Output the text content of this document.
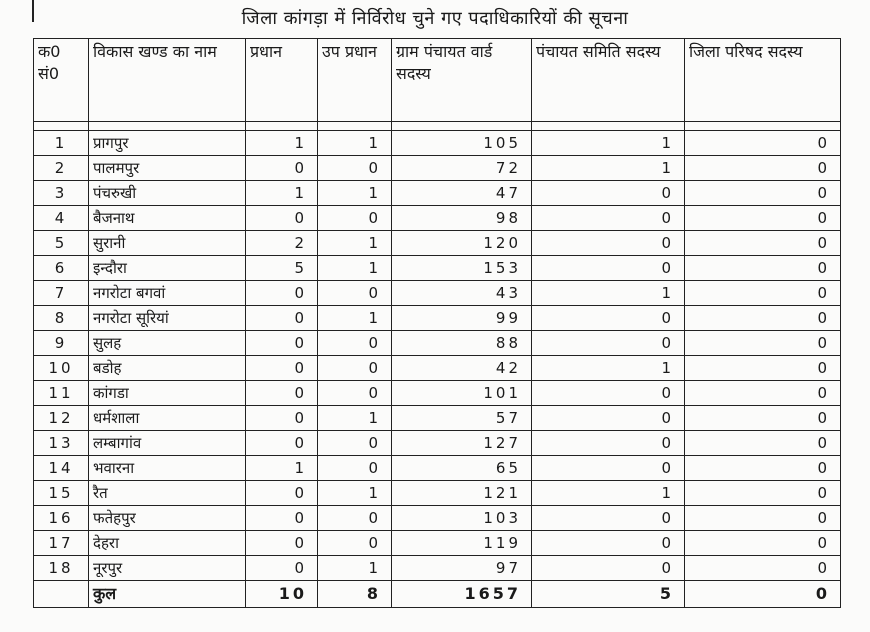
जिला कांगड़ा में निर्विरोध चुने गए पदाधिकारियों की सूचना
क0 सं0	विकास खण्ड का नाम	प्रधान	उप प्रधान	ग्राम पंचायत वार्ड सदस्य	पंचायत समिति सदस्य	जिला परिषद सदस्य

1	प्रागपुर	1	1	105	1	0
2	पालमपुर	0	0	72	1	0
3	पंचरुखी	1	1	47	0	0
4	बैजनाथ	0	0	98	0	0
5	सुरानी	2	1	120	0	0
6	इन्दौरा	5	1	153	0	0
7	नगरोटा बगवां	0	0	43	1	0
8	नगरोटा सूरियां	0	1	99	0	0
9	सुलह	0	0	88	0	0
10	बडोह	0	0	42	1	0
11	कांगडा	0	0	101	0	0
12	धर्मशाला	0	1	57	0	0
13	लम्बागांव	0	0	127	0	0
14	भवारना	1	0	65	0	0
15	रैत	0	1	121	1	0
16	फतेहपुर	0	0	103	0	0
17	देहरा	0	0	119	0	0
18	नूरपुर	0	1	97	0	0
	कुल	10	8	1657	5	0
